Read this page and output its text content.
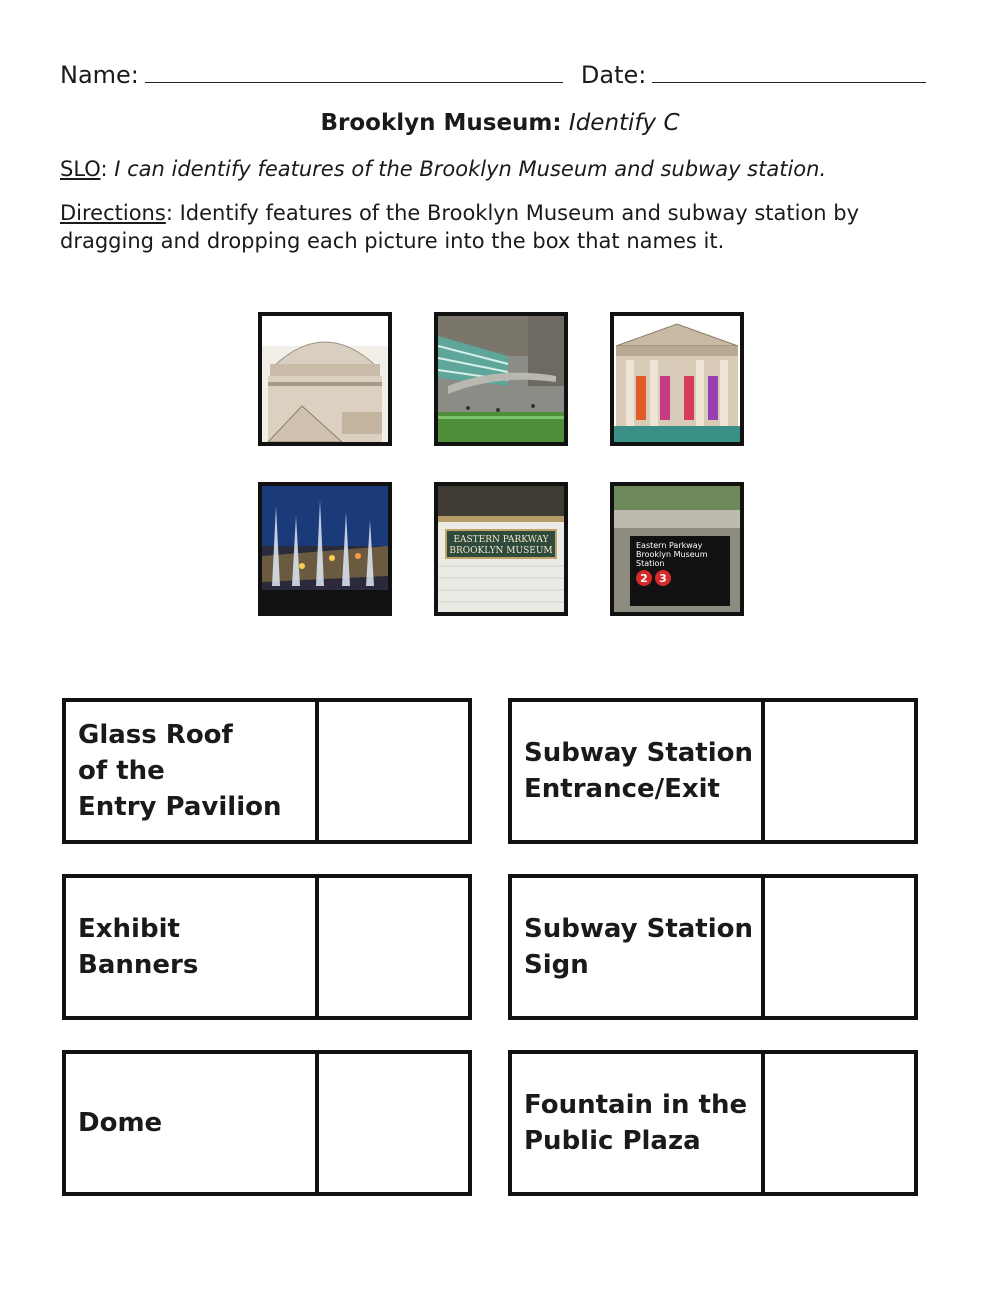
Name:	Date:
Brooklyn Museum: Identify C
SLO: I can identify features of the Brooklyn Museum and subway station.
Directions: Identify features of the Brooklyn Museum and subway station by dragging and dropping each picture into the box that names it.
EASTERN PARKWAY
BROOKLYN MUSEUM
Eastern Parkway
Brooklyn Museum
Station
2 3
Glass Roof
of the
Entry Pavilion
Subway Station
Entrance/Exit
Exhibit
Banners
Subway Station
Sign
Dome
Fountain in the
Public Plaza
